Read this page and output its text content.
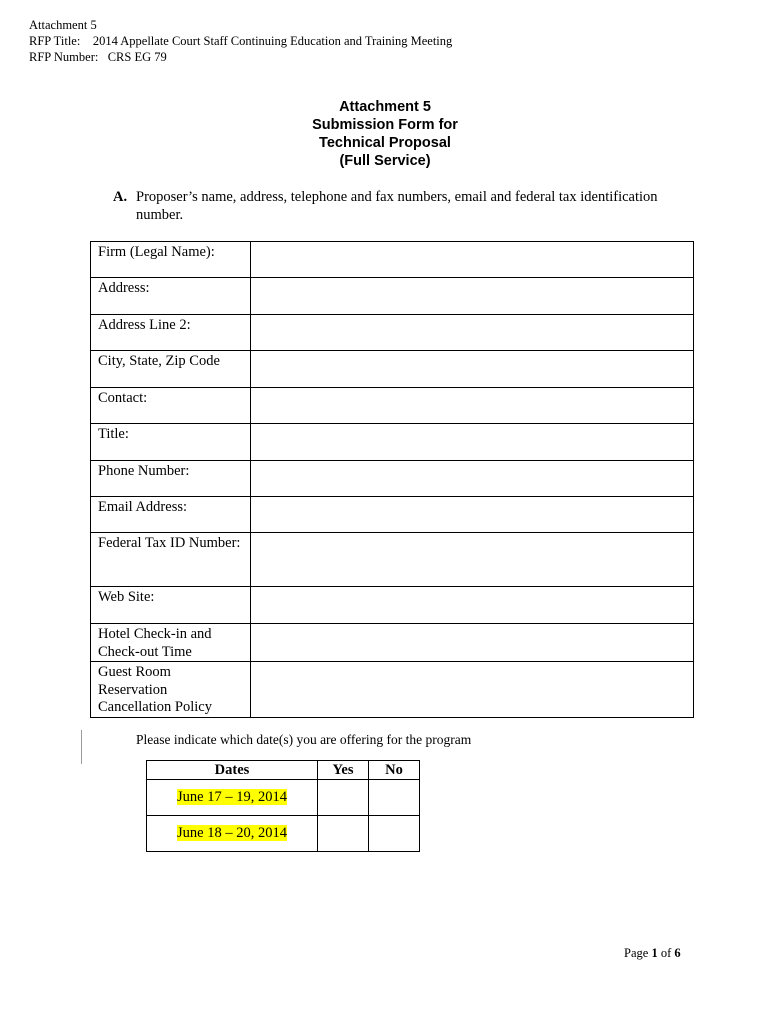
Attachment 5
RFP Title: 2014 Appellate Court Staff Continuing Education and Training Meeting
RFP Number: CRS EG 79
Attachment 5
Submission Form for
Technical Proposal
(Full Service)
A. Proposer’s name, address, telephone and fax numbers, email and federal tax identification number.
Firm (Legal Name):	
Address:	
Address Line 2:	
City, State, Zip Code	
Contact:	
Title:	
Phone Number:	
Email Address:	
Federal Tax ID Number:	
Web Site:	
Hotel Check-in and Check-out Time	
Guest Room Reservation Cancellation Policy	
Please indicate which date(s) you are offering for the program
Dates	Yes	No
June 17 – 19, 2014		
June 18 – 20, 2014		
Page 1 of 6
